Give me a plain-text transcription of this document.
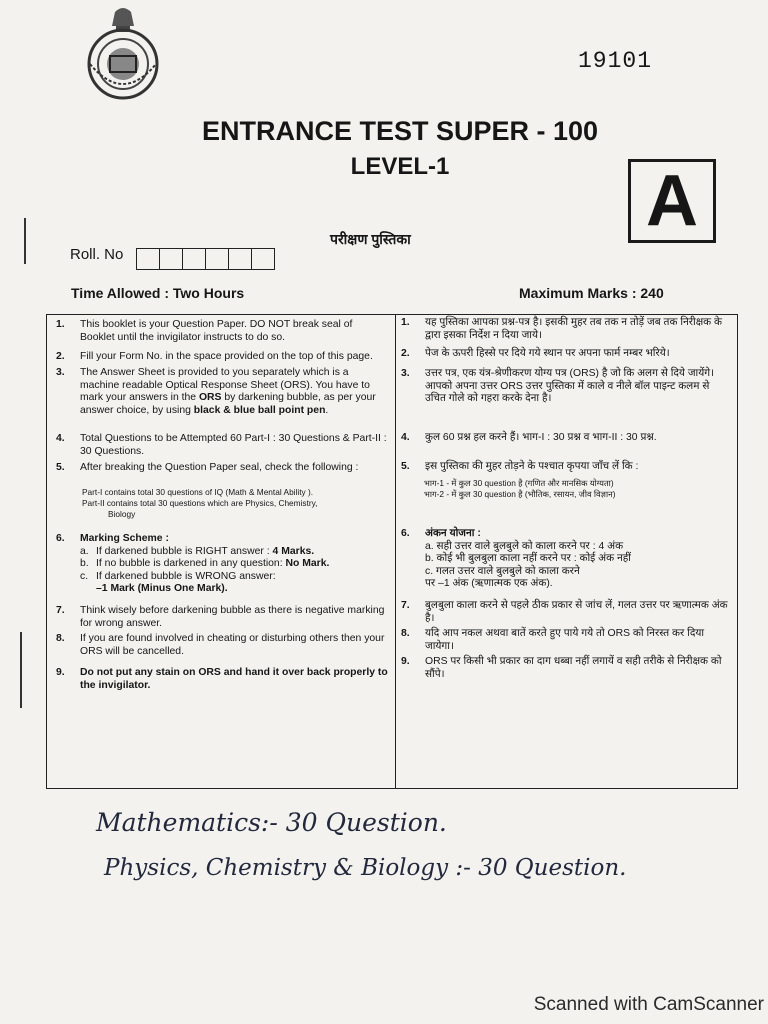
19101
ENTRANCE TEST SUPER - 100
LEVEL-1	A
परीक्षण पुस्तिका
Roll. No
Time Allowed : Two Hours	Maximum Marks : 240
1.	This booklet is your Question Paper. DO NOT break seal of Booklet until the invigilator instructs to do so.
2.	Fill your Form No. in the space provided on the top of this page.
3.	The Answer Sheet is provided to you separately which is a machine readable Optical Response Sheet (ORS). You have to mark your answers in the ORS by darkening bubble, as per your answer choice, by using black & blue ball point pen.
4.	Total Questions to be Attempted 60 Part-I : 30 Questions & Part-II : 30 Questions.
5.	After breaking the Question Paper seal, check the following :
Part-I contains total 30 questions of IQ (Math & Mental Ability ).
Part-II contains total 30 questions which are Physics, Chemistry,
Biology
6.	Marking Scheme :
a. If darkened bubble is RIGHT answer : 4 Marks.
b. If no bubble is darkened in any question: No Mark.
c. If darkened bubble is WRONG answer:
–1 Mark (Minus One Mark).
7.	Think wisely before darkening bubble as there is negative marking for wrong answer.
8.	If you are found involved in cheating or disturbing others then your ORS will be cancelled.
9.	Do not put any stain on ORS and hand it over back properly to the invigilator.
1.	यह पुस्तिका आपका प्रश्न-पत्र है। इसकी मुहर तब तक न तोड़ें जब तक निरीक्षक के द्वारा इसका निर्देश न दिया जाये।
2.	पेज के ऊपरी हिस्से पर दिये गये स्थान पर अपना फार्म नम्बर भरिये।
3.	उत्तर पत्र, एक यंत्र-श्रेणीकरण योग्य पत्र (ORS) है जो कि अलग से दिये जायेंगे। आपको अपना उत्तर ORS उत्तर पुस्तिका में काले व नीले बॉल पाइन्ट कलम से उचित गोले को गहरा करके देना है।
4.	कुल 60 प्रश्न हल करने हैं। भाग-I : 30 प्रश्न व भाग-II : 30 प्रश्न.
5.	इस पुस्तिका की मुहर तोड़ने के पश्चात कृपया जाँच लें कि :
भाग-1 - में कुल 30 question है (गणित और मानसिक योग्यता)
भाग-2 - में कुल 30 question है (भौतिक, रसायन, जीव विज्ञान)
6.	अंकन योजना :
a. सही उत्तर वाले बुलबुले को काला करने पर : 4 अंक
b. कोई भी बुलबुला काला नहीं करने पर : कोई अंक नहीं
c. गलत उत्तर वाले बुलबुले को काला करने
पर –1 अंक (ऋणात्मक एक अंक).
7.	बुलबुला काला करने से पहले ठीक प्रकार से जांच लें, गलत उत्तर पर ऋणात्मक अंक है।
8.	यदि आप नकल अथवा बातें करते हुए पाये गये तो ORS को निरस्त कर दिया जायेगा।
9.	ORS पर किसी भी प्रकार का दाग धब्बा नहीं लगायें व सही तरीके से निरीक्षक को सौंपे।
Mathematics:- 30 Question.
Physics, Chemistry & Biology :- 30 Question.
Scanned with CamScanner
